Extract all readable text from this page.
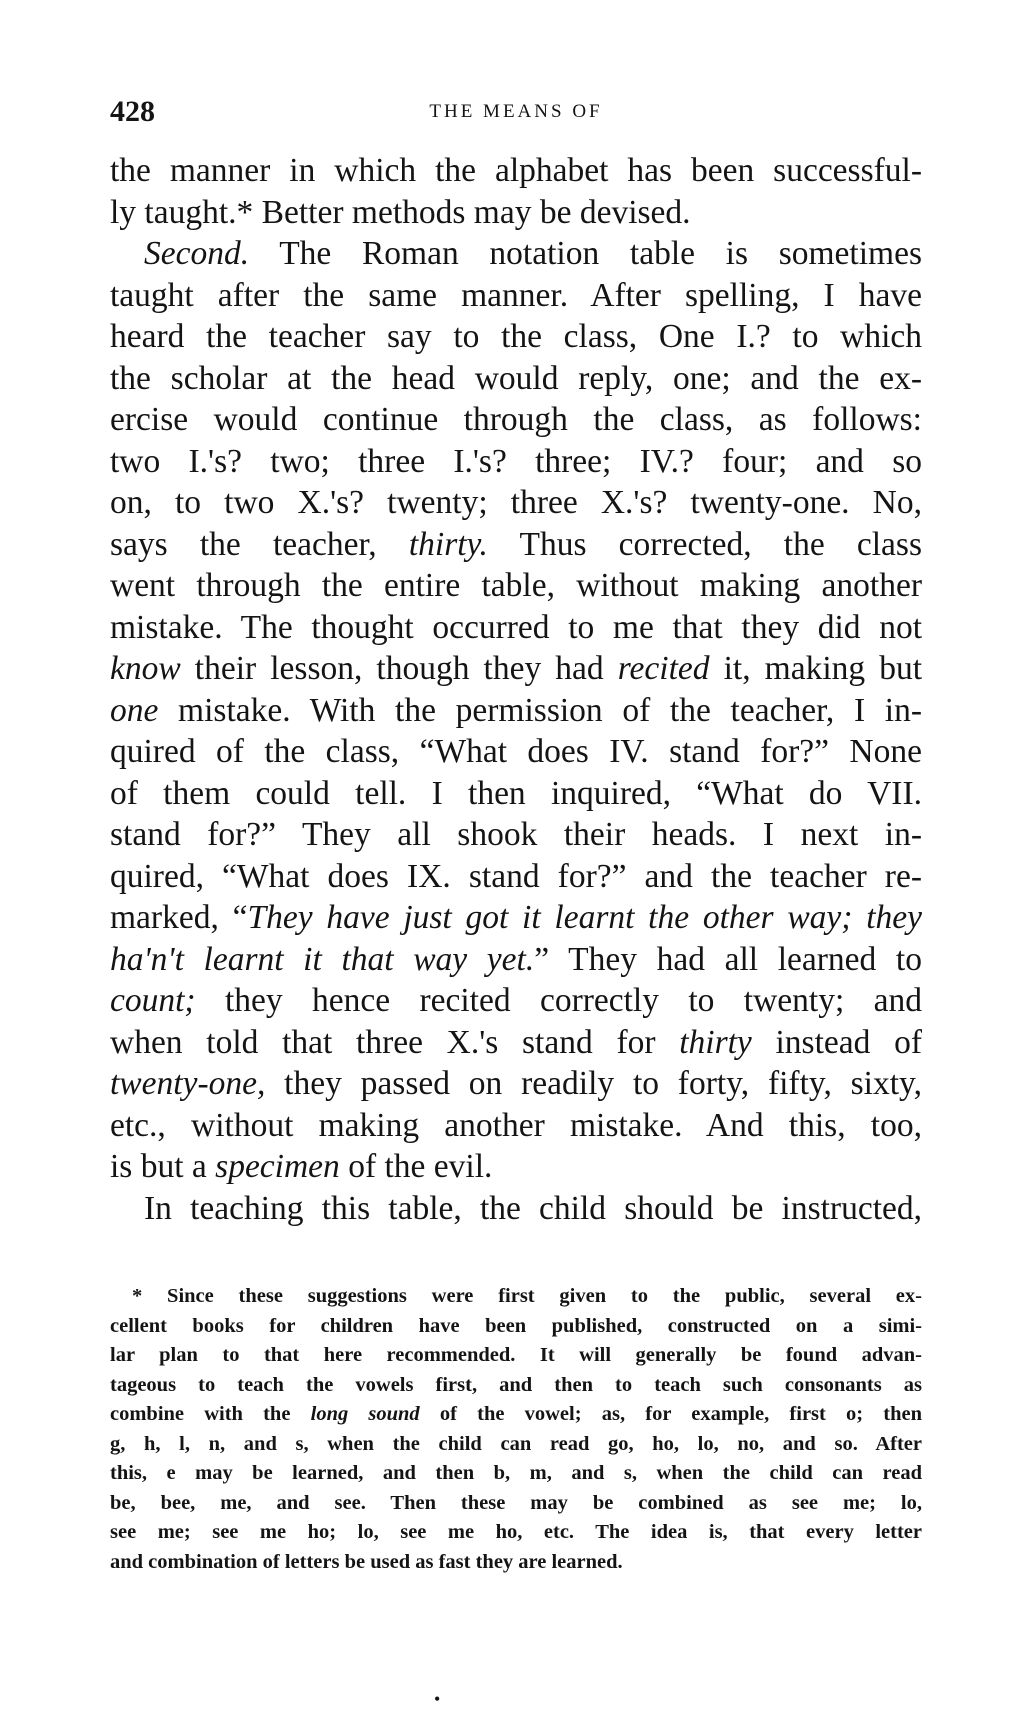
428	THE MEANS OF
the manner in which the alphabet has been successful-
ly taught.* Better methods may be devised.
Second. The Roman notation table is sometimes
taught after the same manner. After spelling, I have
heard the teacher say to the class, One I.? to which
the scholar at the head would reply, one; and the ex-
ercise would continue through the class, as follows:
two I.'s? two; three I.'s? three; IV.? four; and so
on, to two X.'s? twenty; three X.'s? twenty-one. No,
says the teacher, thirty. Thus corrected, the class
went through the entire table, without making another
mistake. The thought occurred to me that they did not
know their lesson, though they had recited it, making but
one mistake. With the permission of the teacher, I in-
quired of the class, “What does IV. stand for?” None
of them could tell. I then inquired, “What do VII.
stand for?” They all shook their heads. I next in-
quired, “What does IX. stand for?” and the teacher re-
marked, “They have just got it learnt the other way; they
ha'n't learnt it that way yet.” They had all learned to
count; they hence recited correctly to twenty; and
when told that three X.'s stand for thirty instead of
twenty-one, they passed on readily to forty, fifty, sixty,
etc., without making another mistake. And this, too,
is but a specimen of the evil.
In teaching this table, the child should be instructed,
* Since these suggestions were first given to the public, several ex-
cellent books for children have been published, constructed on a simi-
lar plan to that here recommended. It will generally be found advan-
tageous to teach the vowels first, and then to teach such consonants as
combine with the long sound of the vowel; as, for example, first o; then
g, h, l, n, and s, when the child can read go, ho, lo, no, and so. After
this, e may be learned, and then b, m, and s, when the child can read
be, bee, me, and see. Then these may be combined as see me; lo,
see me; see me ho; lo, see me ho, etc. The idea is, that every letter
and combination of letters be used as fast they are learned.
•
